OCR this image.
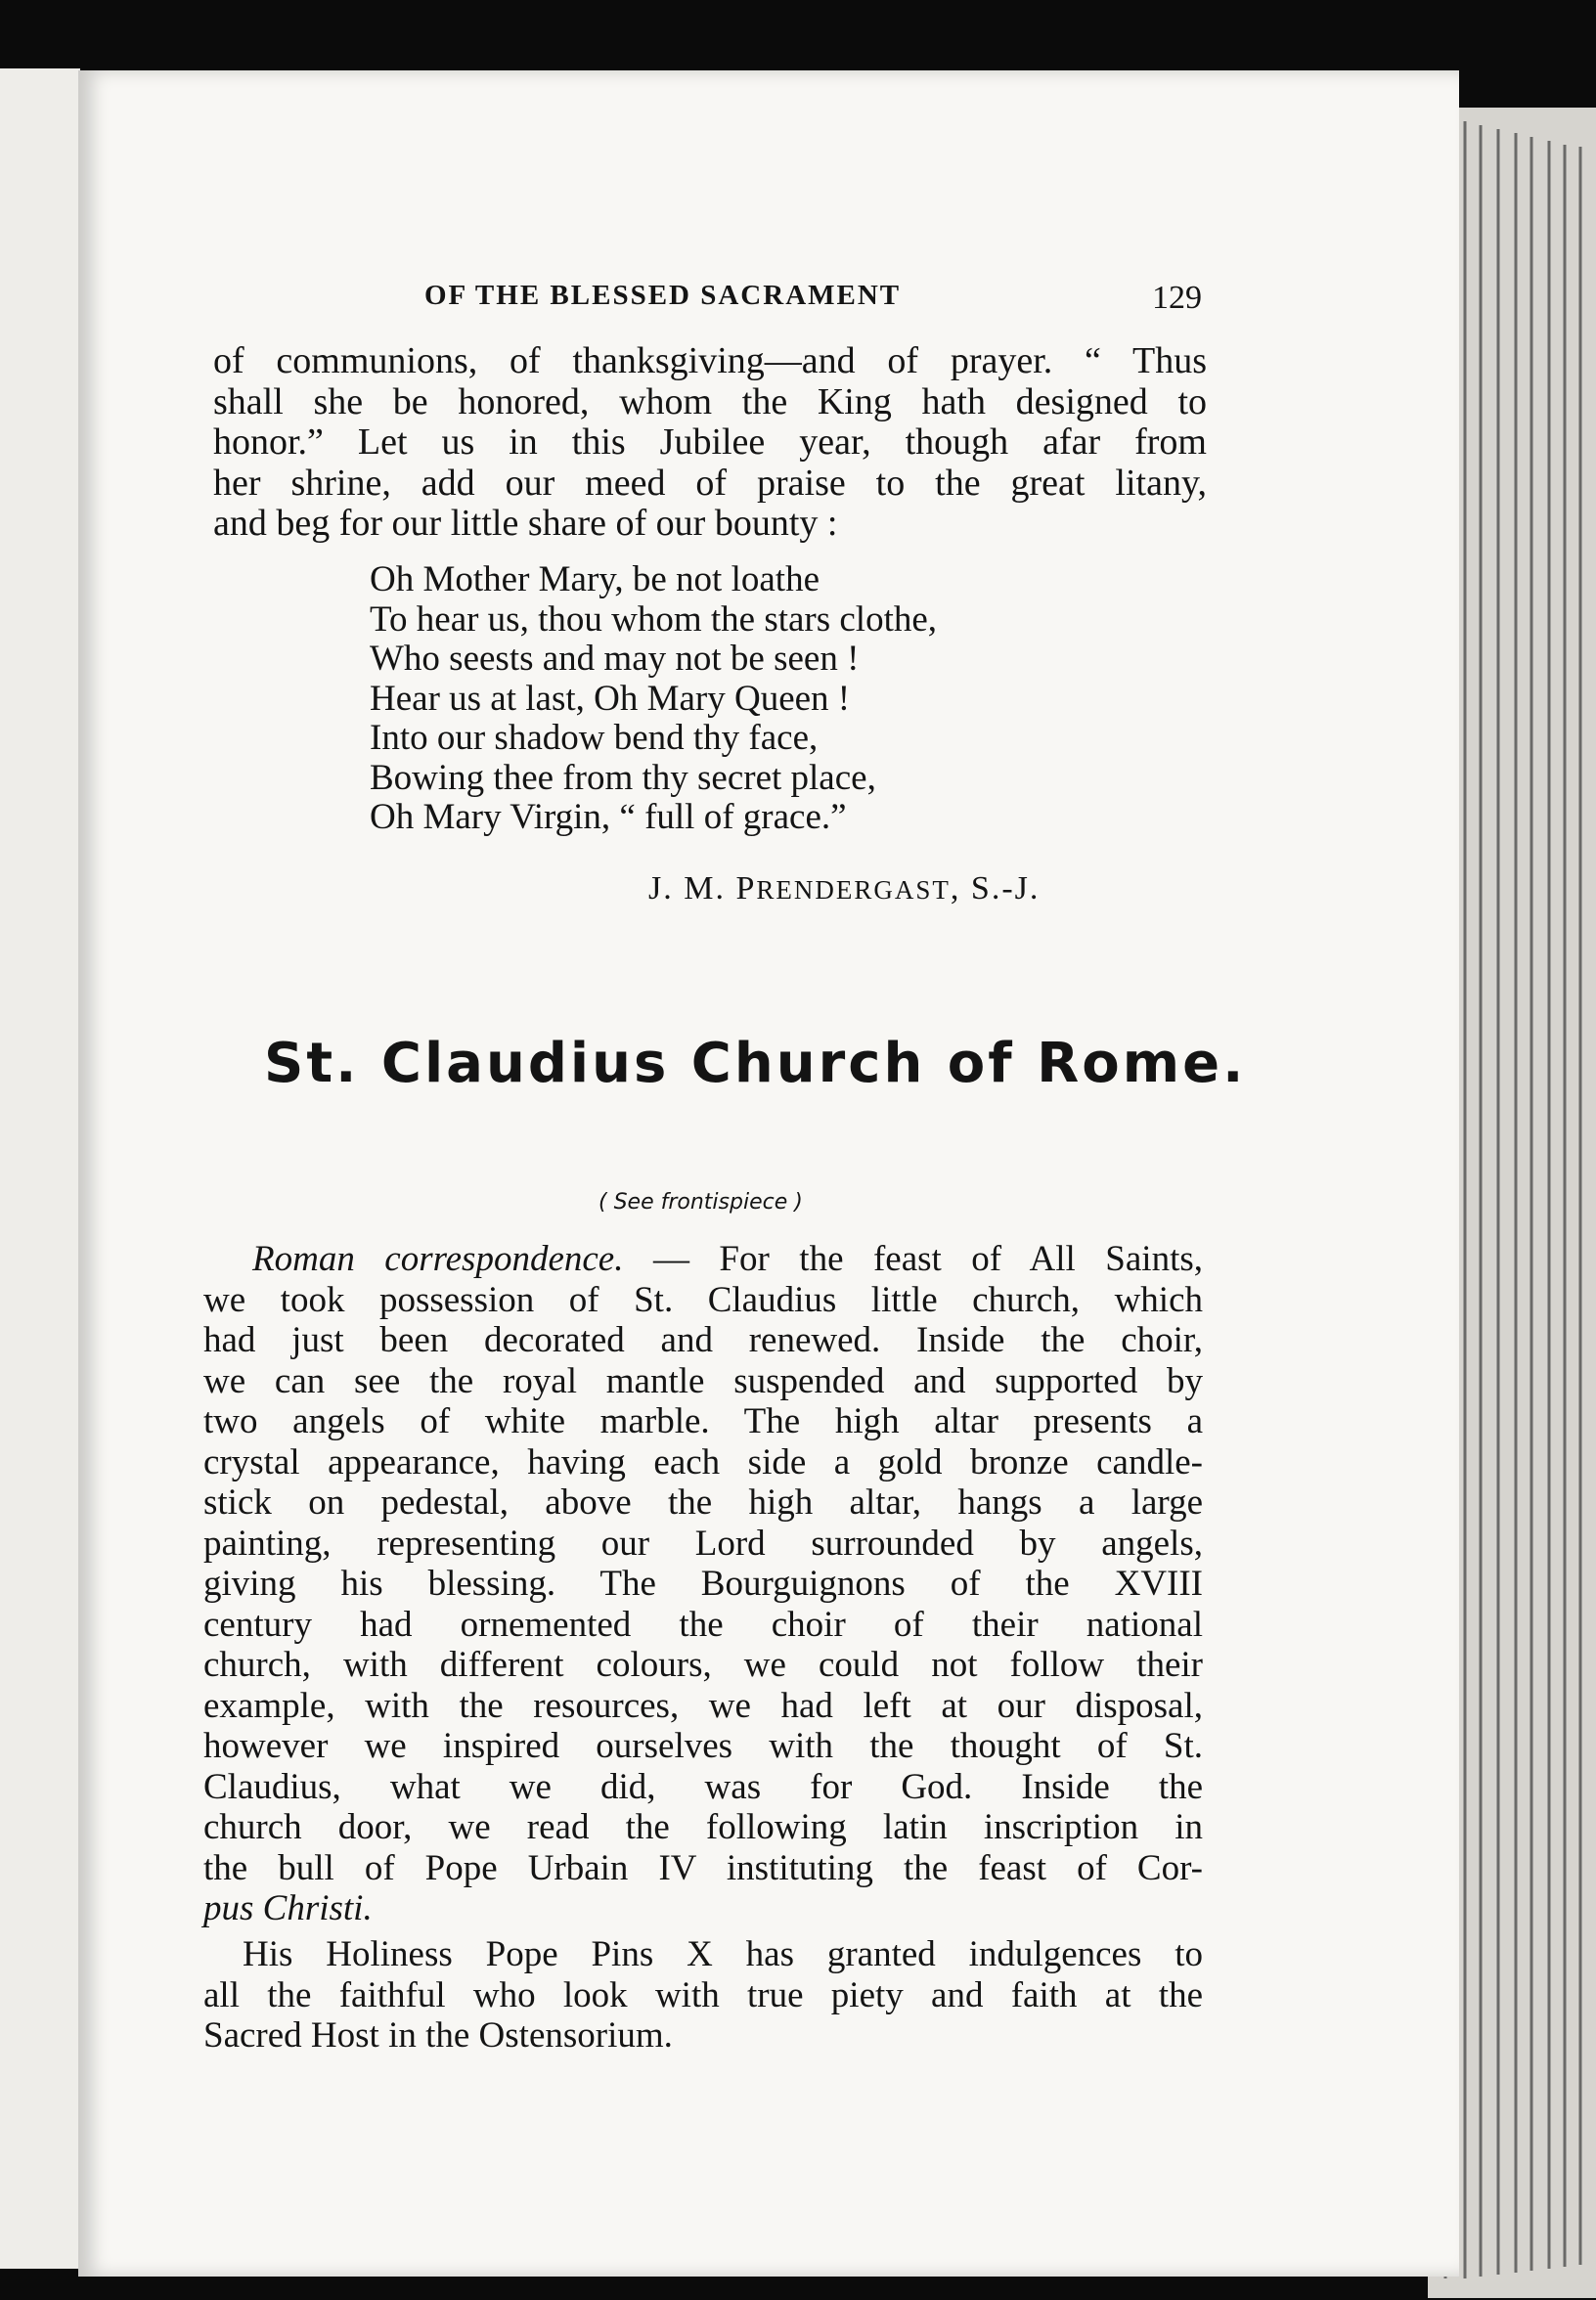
OF THE BLESSED SACRAMENT	129
of communions, of thanksgiving—and of prayer. “ Thus
shall she be honored, whom the King hath designed to
honor.” Let us in this Jubilee year, though afar from
her shrine, add our meed of praise to the great litany,
and beg for our little share of our bounty :
Oh Mother Mary, be not loathe
To hear us, thou whom the stars clothe,
Who seests and may not be seen !
Hear us at last, Oh Mary Queen !
Into our shadow bend thy face,
Bowing thee from thy secret place,
Oh Mary Virgin, “ full of grace.”
J. M. PRENDERGAST, S.-J.
St. Claudius Church of Rome.
( See frontispiece )
Roman correspondence. — For the feast of All Saints,
we took possession of St. Claudius little church, which
had just been decorated and renewed. Inside the choir,
we can see the royal mantle suspended and supported by
two angels of white marble. The high altar presents a
crystal appearance, having each side a gold bronze candle-
stick on pedestal, above the high altar, hangs a large
painting, representing our Lord surrounded by angels,
giving his blessing. The Bourguignons of the XVIII
century had ornemented the choir of their national
church, with different colours, we could not follow their
example, with the resources, we had left at our disposal,
however we inspired ourselves with the thought of St.
Claudius, what we did, was for God. Inside the
church door, we read the following latin inscription in
the bull of Pope Urbain IV instituting the feast of Cor-
pus Christi.
His Holiness Pope Pins X has granted indulgences to
all the faithful who look with true piety and faith at the
Sacred Host in the Ostensorium.
